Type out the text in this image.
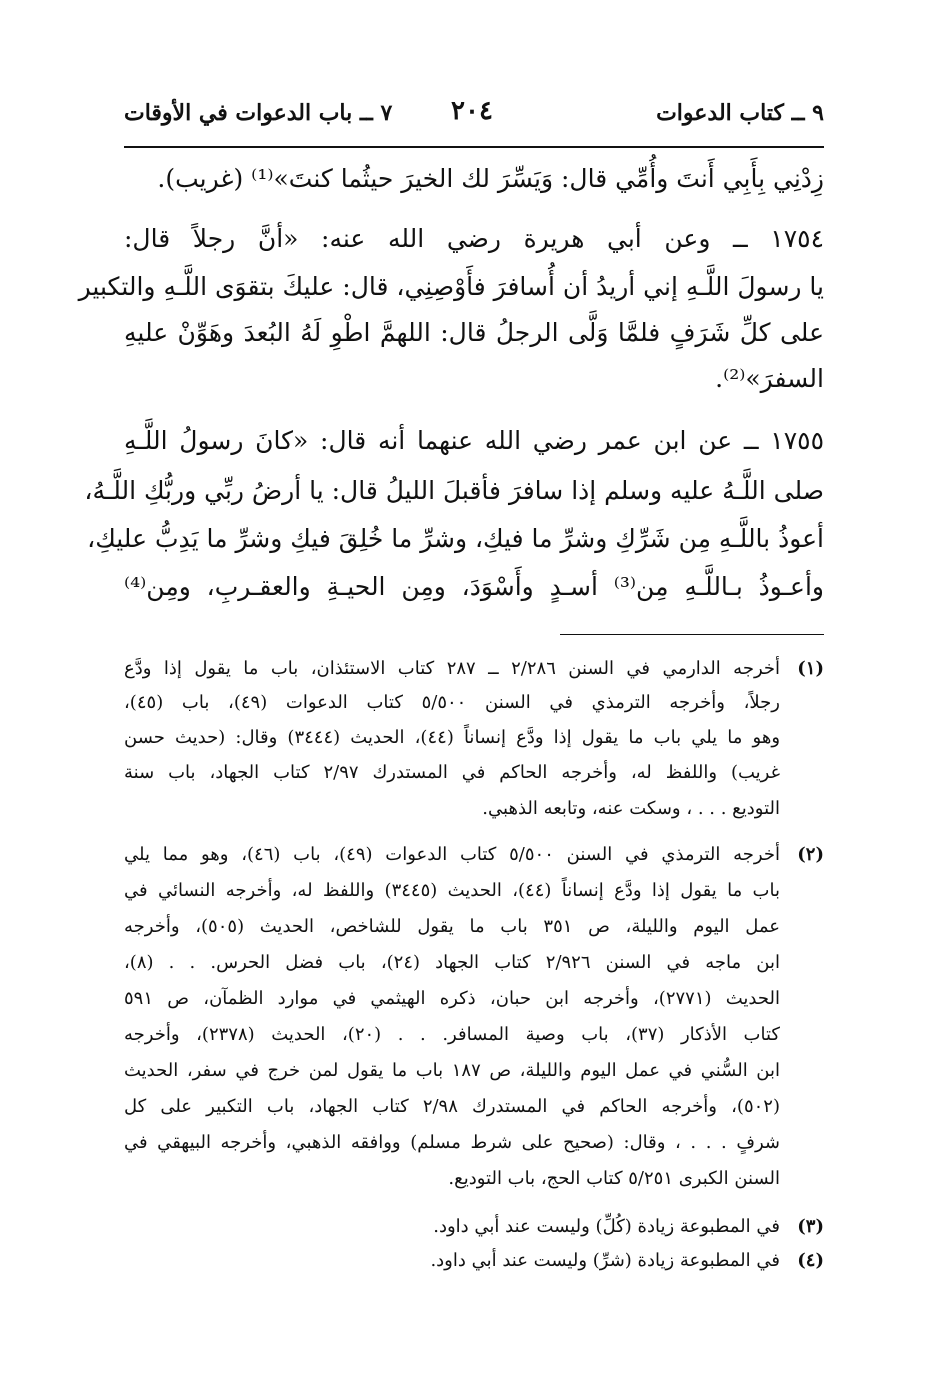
٩ ــ كتاب الدعوات
٢٠٤
٧ ــ باب الدعوات في الأوقات
زِدْنِي بِأَبِي أَنتَ وأُمِّي قال: وَيَسِّرَ لك الخيرَ حيثُما كنتَ»⁽¹⁾ (غريب).
١٧٥٤ ــ وعن أبي هريرة رضي الله عنه: «أنَّ رجلاً قال:
يا رسولَ اللَّـهِ إني أريدُ أن أُسافرَ فأَوْصِنِي، قال: عليكَ بتقوَى اللَّـهِ والتكبير
على كلِّ شَرَفٍ فلمَّا وَلَّى الرجلُ قال: اللهمَّ اطْوِ لَهُ البُعدَ وهَوِّنْ عليهِ
السفرَ»⁽²⁾.
١٧٥٥ ــ عن ابن عمر رضي الله عنهما أنه قال: «كانَ رسولُ اللَّـهِ
صلى اللَّـهُ عليه وسلم إذا سافرَ فأقبلَ الليلُ قال: يا أرضُ ربِّي وربُّكِ اللَّـهُ،
أعوذُ باللَّـهِ مِن شَرِّكِ وشرِّ ما فيكِ، وشرِّ ما خُلِقَ فيكِ وشرِّ ما يَدِبُّ عليكِ،
وأعـوذُ بـاللَّـهِ مِن⁽³⁾ أسـدٍ وأَسْوَدَ، ومِن الحيـةِ والعقـربِ، ومِن⁽⁴⁾
(١)
أخرجه الدارمي في السنن ٢/٢٨٦ ــ ٢٨٧ كتاب الاستئذان، باب ما يقول إذا ودَّع
رجلاً، وأخرجه الترمذي في السنن ٥/٥٠٠ كتاب الدعوات (٤٩)، باب (٤٥)،
وهو ما يلي باب ما يقول إذا ودَّع إنساناً (٤٤)، الحديث (٣٤٤٤) وقال: (حديث حسن
غريب) واللفظ له، وأخرجه الحاكم في المستدرك ٢/٩٧ كتاب الجهاد، باب سنة
التوديع . . . ، وسكت عنه، وتابعه الذهبي.
(٢)
أخرجه الترمذي في السنن ٥/٥٠٠ كتاب الدعوات (٤٩)، باب (٤٦)، وهو مما يلي
باب ما يقول إذا ودَّع إنساناً (٤٤)، الحديث (٣٤٤٥) واللفظ له، وأخرجه النسائي في
عمل اليوم والليلة، ص ٣٥١ باب ما يقول للشاخص، الحديث (٥٠٥)، وأخرجه
ابن ماجه في السنن ٢/٩٢٦ كتاب الجهاد (٢٤)، باب فضل الحرس. . . (٨)،
الحديث (٢٧٧١)، وأخرجه ابن حبان، ذكره الهيثمي في موارد الظمآن، ص ٥٩١
كتاب الأذكار (٣٧)، باب وصية المسافر. . . (٢٠)، الحديث (٢٣٧٨)، وأخرجه
ابن السُّني في عمل اليوم والليلة، ص ١٨٧ باب ما يقول لمن خرج في سفر، الحديث
(٥٠٢)، وأخرجه الحاكم في المستدرك ٢/٩٨ كتاب الجهاد، باب التكبير على كل
شرفٍ . . . ، وقال: (صحيح على شرط مسلم) ووافقه الذهبي، وأخرجه البيهقي في
السنن الكبرى ٥/٢٥١ كتاب الحج، باب التوديع.
(٣)
في المطبوعة زيادة (كُلِّ) وليست عند أبي داود.
(٤)
في المطبوعة زيادة (شرِّ) وليست عند أبي داود.
